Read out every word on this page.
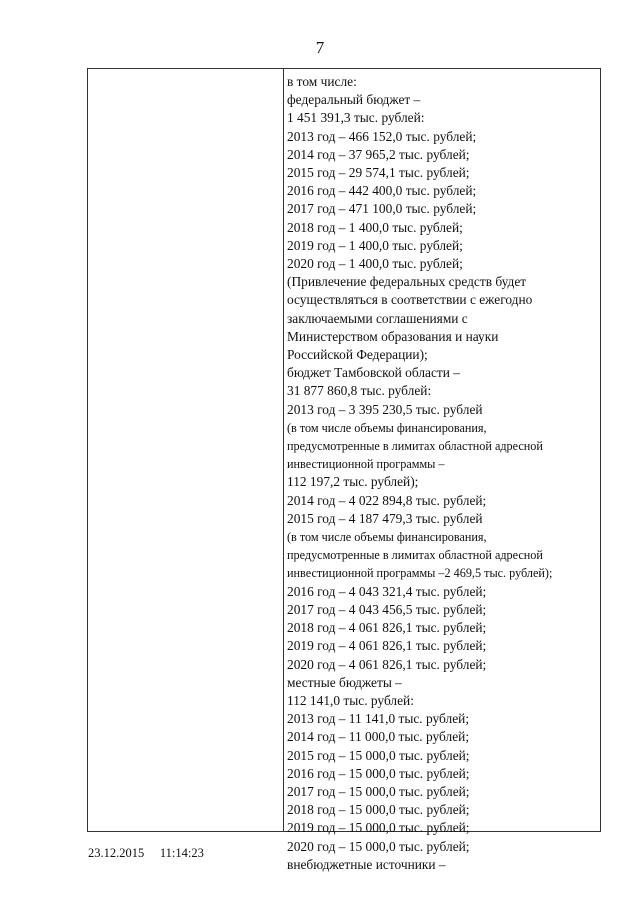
7
в том числе:
федеральный бюджет –
1 451 391,3 тыс. рублей:
2013 год – 466 152,0 тыс. рублей;
2014 год – 37 965,2 тыс. рублей;
2015 год – 29 574,1 тыс. рублей;
2016 год – 442 400,0 тыс. рублей;
2017 год – 471 100,0 тыс. рублей;
2018 год – 1 400,0 тыс. рублей;
2019 год – 1 400,0 тыс. рублей;
2020 год – 1 400,0 тыс. рублей;
(Привлечение федеральных средств будет
осуществляться в соответствии с ежегодно
заключаемыми соглашениями с
Министерством образования и науки
Российской Федерации);
бюджет Тамбовской области –
31 877 860,8 тыс. рублей:
2013 год – 3 395 230,5 тыс. рублей
(в том числе объемы финансирования,
предусмотренные в лимитах областной адресной
инвестиционной программы –
112 197,2 тыс. рублей);
2014 год – 4 022 894,8 тыс. рублей;
2015 год – 4 187 479,3 тыс. рублей
(в том числе объемы финансирования,
предусмотренные в лимитах областной адресной
инвестиционной программы –2 469,5 тыс. рублей);
2016 год – 4 043 321,4 тыс. рублей;
2017 год – 4 043 456,5 тыс. рублей;
2018 год – 4 061 826,1 тыс. рублей;
2019 год – 4 061 826,1 тыс. рублей;
2020 год – 4 061 826,1 тыс. рублей;
местные бюджеты –
112 141,0 тыс. рублей:
2013 год – 11 141,0 тыс. рублей;
2014 год – 11 000,0 тыс. рублей;
2015 год – 15 000,0 тыс. рублей;
2016 год – 15 000,0 тыс. рублей;
2017 год – 15 000,0 тыс. рублей;
2018 год – 15 000,0 тыс. рублей;
2019 год – 15 000,0 тыс. рублей;
2020 год – 15 000,0 тыс. рублей;
внебюджетные источники –
23.12.2015 11:14:23
